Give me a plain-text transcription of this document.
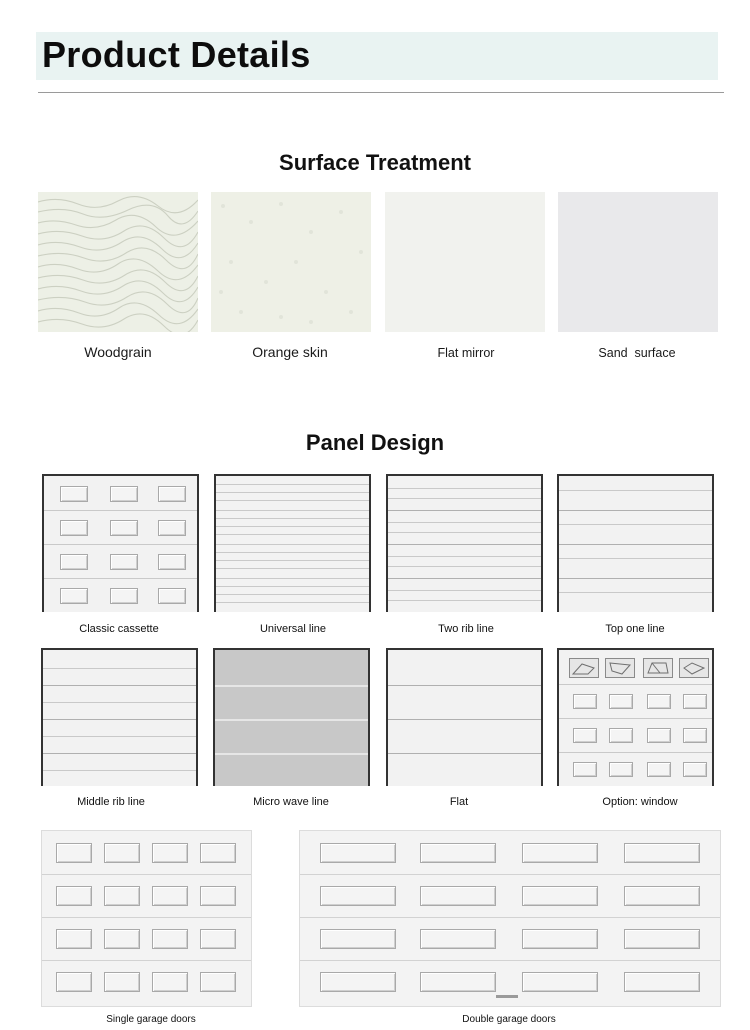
Product Details
Surface Treatment
Woodgrain	Orange skin	Flat mirror	Sand  surface
Panel Design
Classic cassette	Universal line	Two rib line	Top one line
Middle rib line	Micro wave line	Flat	Option: window
Single garage doors	Double garage doors
